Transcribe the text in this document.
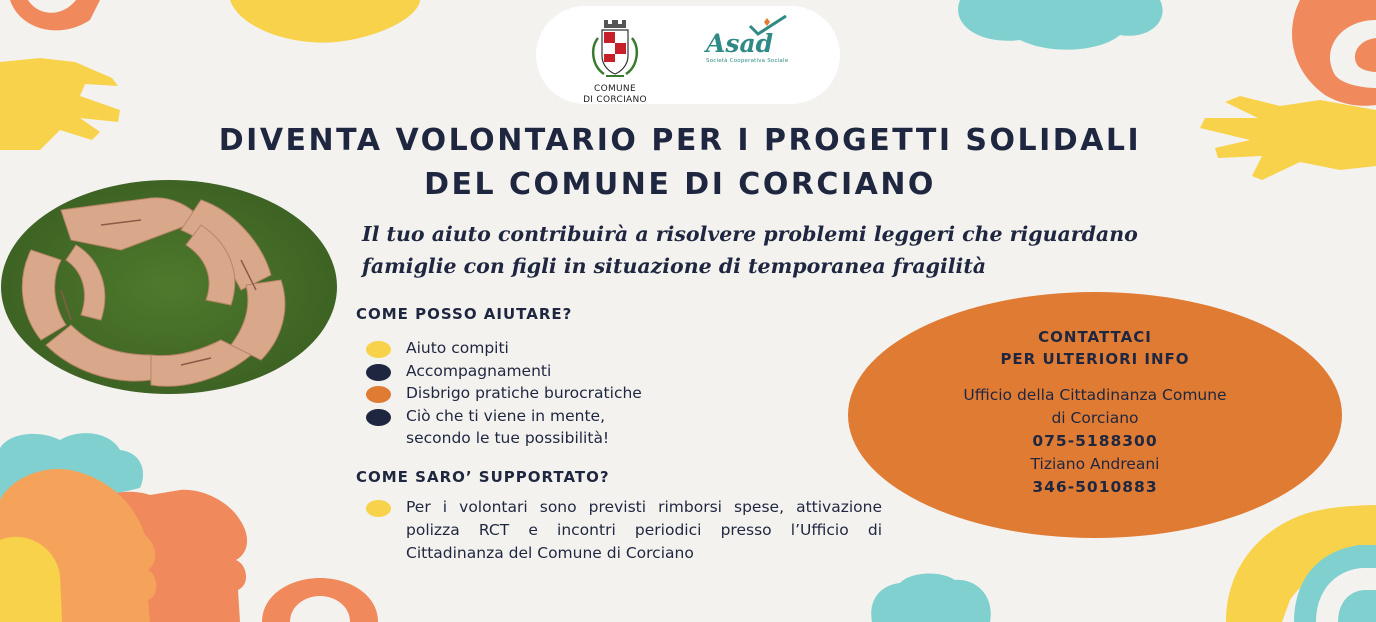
COMUNE
DI CORCIANO
Asad
Società Cooperativa Sociale
DIVENTA VOLONTARIO PER I PROGETTI SOLIDALI
DEL COMUNE DI CORCIANO
Il tuo aiuto contribuirà a risolvere problemi leggeri che riguardano
famiglie con figli in situazione di temporanea fragilità
COME POSSO AIUTARE?
Aiuto compiti
Accompagnamenti
Disbrigo pratiche burocratiche
Ciò che ti viene in mente,
secondo le tue possibilità!
COME SARO’ SUPPORTATO?
Per i volontari sono previsti rimborsi spese, attivazione polizza RCT e incontri periodici presso l’Ufficio di Cittadinanza del Comune di Corciano
CONTATTACI
PER ULTERIORI INFO
Ufficio della Cittadinanza Comune
di Corciano
075-5188300
Tiziano Andreani
346-5010883
